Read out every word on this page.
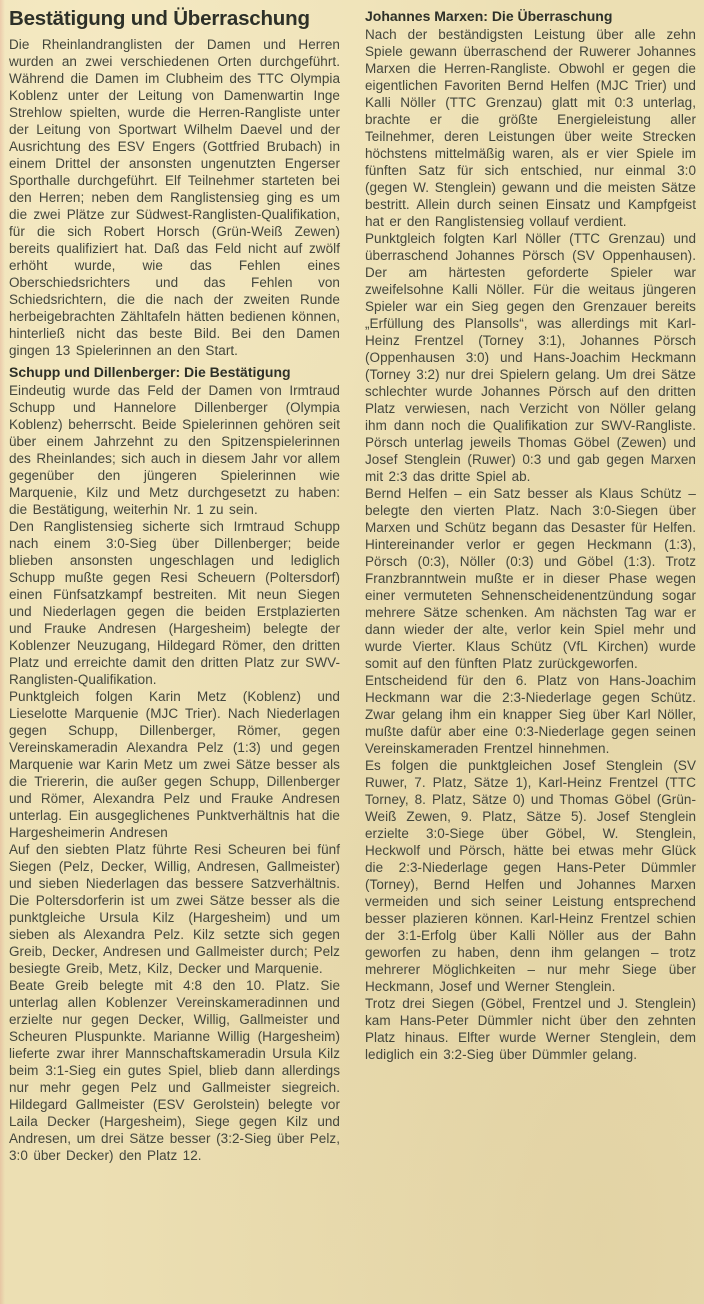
Bestätigung und Überraschung

Die Rheinlandranglisten der Damen und Herren wurden an zwei verschiedenen Orten durchgeführt. Während die Damen im Clubheim des TTC Olympia Koblenz unter der Leitung von Damenwartin Inge Strehlow spielten, wurde die Herren-Rangliste unter der Leitung von Sportwart Wilhelm Daevel und der Ausrichtung des ESV Engers (Gottfried Brubach) in einem Drittel der ansonsten ungenutzten Engerser Sporthalle durchgeführt. Elf Teilnehmer starteten bei den Herren; neben dem Ranglistensieg ging es um die zwei Plätze zur Südwest-Ranglisten-Qualifikation, für die sich Robert Horsch (Grün-Weiß Zewen) bereits qualifiziert hat. Daß das Feld nicht auf zwölf erhöht wurde, wie das Fehlen eines Oberschiedsrichters und das Fehlen von Schiedsrichtern, die die nach der zweiten Runde herbeigebrachten Zähltafeln hätten bedienen können, hinterließ nicht das beste Bild. Bei den Damen gingen 13 Spielerinnen an den Start.

Schupp und Dillenberger: Die Bestätigung

Eindeutig wurde das Feld der Damen von Irmtraud Schupp und Hannelore Dillenberger (Olympia Koblenz) beherrscht. Beide Spielerinnen gehören seit über einem Jahrzehnt zu den Spitzenspielerinnen des Rheinlandes; sich auch in diesem Jahr vor allem gegenüber den jüngeren Spielerinnen wie Marquenie, Kilz und Metz durchgesetzt zu haben: die Bestätigung, weiterhin Nr. 1 zu sein.

Den Ranglistensieg sicherte sich Irmtraud Schupp nach einem 3:0-Sieg über Dillenberger; beide blieben ansonsten ungeschlagen und lediglich Schupp mußte gegen Resi Scheuern (Poltersdorf) einen Fünfsatzkampf bestreiten. Mit neun Siegen und Niederlagen gegen die beiden Erstplazierten und Frauke Andresen (Hargesheim) belegte der Koblenzer Neuzugang, Hildegard Römer, den dritten Platz und erreichte damit den dritten Platz zur SWV-Ranglisten-Qualifikation.

Punktgleich folgen Karin Metz (Koblenz) und Lieselotte Marquenie (MJC Trier). Nach Niederlagen gegen Schupp, Dillenberger, Römer, gegen Vereinskameradin Alexandra Pelz (1:3) und gegen Marquenie war Karin Metz um zwei Sätze besser als die Triererin, die außer gegen Schupp, Dillenberger und Römer, Alexandra Pelz und Frauke Andresen unterlag. Ein ausgeglichenes Punktverhältnis hat die Hargesheimerin Andresen

Auf den siebten Platz führte Resi Scheuren bei fünf Siegen (Pelz, Decker, Willig, Andresen, Gallmeister) und sieben Niederlagen das bessere Satzverhältnis. Die Poltersdorferin ist um zwei Sätze besser als die punktgleiche Ursula Kilz (Hargesheim) und um sieben als Alexandra Pelz. Kilz setzte sich gegen Greib, Decker, Andresen und Gallmeister durch; Pelz besiegte Greib, Metz, Kilz, Decker und Marquenie.

Beate Greib belegte mit 4:8 den 10. Platz. Sie unterlag allen Koblenzer Vereinskameradinnen und erzielte nur gegen Decker, Willig, Gallmeister und Scheuren Pluspunkte. Marianne Willig (Hargesheim) lieferte zwar ihrer Mannschaftskameradin Ursula Kilz beim 3:1-Sieg ein gutes Spiel, blieb dann allerdings nur mehr gegen Pelz und Gallmeister siegreich. Hildegard Gallmeister (ESV Gerolstein) belegte vor Laila Decker (Hargesheim), Siege gegen Kilz und Andresen, um drei Sätze besser (3:2-Sieg über Pelz, 3:0 über Decker) den Platz 12.

Johannes Marxen: Die Überraschung

Nach der beständigsten Leistung über alle zehn Spiele gewann überraschend der Ruwerer Johannes Marxen die Herren-Rangliste. Obwohl er gegen die eigentlichen Favoriten Bernd Helfen (MJC Trier) und Kalli Nöller (TTC Grenzau) glatt mit 0:3 unterlag, brachte er die größte Energieleistung aller Teilnehmer, deren Leistungen über weite Strecken höchstens mittelmäßig waren, als er vier Spiele im fünften Satz für sich entschied, nur einmal 3:0 (gegen W. Stenglein) gewann und die meisten Sätze bestritt. Allein durch seinen Einsatz und Kampfgeist hat er den Ranglistensieg vollauf verdient.

Punktgleich folgten Karl Nöller (TTC Grenzau) und überraschend Johannes Pörsch (SV Oppenhausen). Der am härtesten geforderte Spieler war zweifelsohne Kalli Nöller. Für die weitaus jüngeren Spieler war ein Sieg gegen den Grenzauer bereits „Erfüllung des Plansolls“, was allerdings mit Karl-Heinz Frentzel (Torney 3:1), Johannes Pörsch (Oppenhausen 3:0) und Hans-Joachim Heckmann (Torney 3:2) nur drei Spielern gelang. Um drei Sätze schlechter wurde Johannes Pörsch auf den dritten Platz verwiesen, nach Verzicht von Nöller gelang ihm dann noch die Qualifikation zur SWV-Rangliste. Pörsch unterlag jeweils Thomas Göbel (Zewen) und Josef Stenglein (Ruwer) 0:3 und gab gegen Marxen mit 2:3 das dritte Spiel ab.

Bernd Helfen – ein Satz besser als Klaus Schütz – belegte den vierten Platz. Nach 3:0-Siegen über Marxen und Schütz begann das Desaster für Helfen. Hintereinander verlor er gegen Heckmann (1:3), Pörsch (0:3), Nöller (0:3) und Göbel (1:3). Trotz Franzbranntwein mußte er in dieser Phase wegen einer vermuteten Sehnenscheidenentzündung sogar mehrere Sätze schenken. Am nächsten Tag war er dann wieder der alte, verlor kein Spiel mehr und wurde Vierter. Klaus Schütz (VfL Kirchen) wurde somit auf den fünften Platz zurückgeworfen.

Entscheidend für den 6. Platz von Hans-Joachim Heckmann war die 2:3-Niederlage gegen Schütz. Zwar gelang ihm ein knapper Sieg über Karl Nöller, mußte dafür aber eine 0:3-Niederlage gegen seinen Vereinskameraden Frentzel hinnehmen.

Es folgen die punktgleichen Josef Stenglein (SV Ruwer, 7. Platz, Sätze 1), Karl-Heinz Frentzel (TTC Torney, 8. Platz, Sätze 0) und Thomas Göbel (Grün-Weiß Zewen, 9. Platz, Sätze 5). Josef Stenglein erzielte 3:0-Siege über Göbel, W. Stenglein, Heckwolf und Pörsch, hätte bei etwas mehr Glück die 2:3-Niederlage gegen Hans-Peter Dümmler (Torney), Bernd Helfen und Johannes Marxen vermeiden und sich seiner Leistung entsprechend besser plazieren können. Karl-Heinz Frentzel schien der 3:1-Erfolg über Kalli Nöller aus der Bahn geworfen zu haben, denn ihm gelangen – trotz mehrerer Möglichkeiten – nur mehr Siege über Heckmann, Josef und Werner Stenglein.

Trotz drei Siegen (Göbel, Frentzel und J. Stenglein) kam Hans-Peter Dümmler nicht über den zehnten Platz hinaus. Elfter wurde Werner Stenglein, dem lediglich ein 3:2-Sieg über Dümmler gelang.
